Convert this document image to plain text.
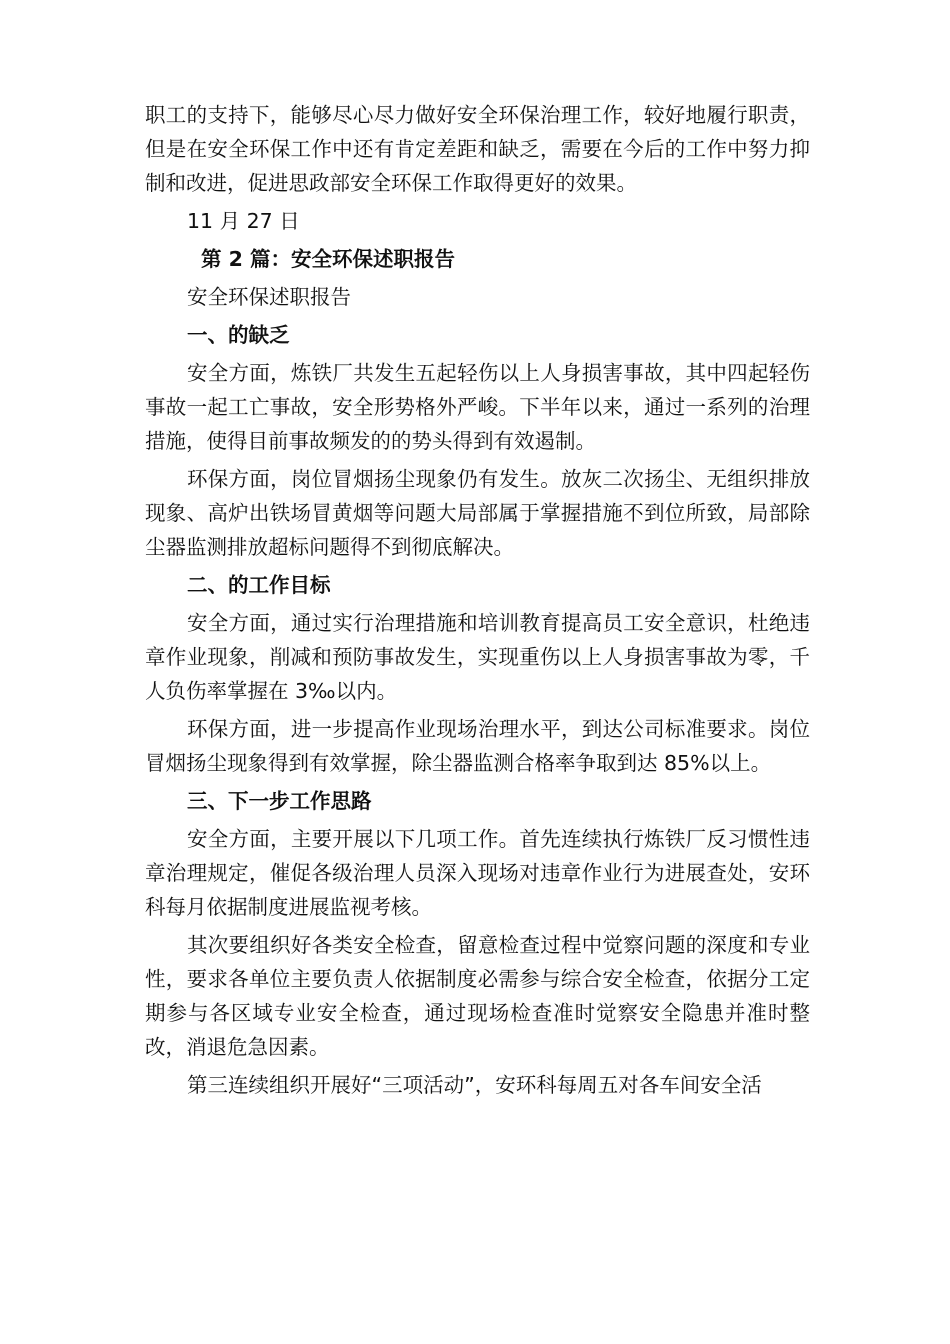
职工的支持下，能够尽心尽力做好安全环保治理工作，较好地履行职责，但是在安全环保工作中还有肯定差距和缺乏，需要在今后的工作中努力抑制和改进，促进思政部安全环保工作取得更好的效果。

11 月 27 日

第 2 篇：安全环保述职报告

安全环保述职报告

一、的缺乏

安全方面，炼铁厂共发生五起轻伤以上人身损害事故，其中四起轻伤事故一起工亡事故，安全形势格外严峻。下半年以来，通过一系列的治理措施，使得目前事故频发的的势头得到有效遏制。

环保方面，岗位冒烟扬尘现象仍有发生。放灰二次扬尘、无组织排放现象、高炉出铁场冒黄烟等问题大局部属于掌握措施不到位所致，局部除尘器监测排放超标问题得不到彻底解决。

二、的工作目标

安全方面，通过实行治理措施和培训教育提高员工安全意识，杜绝违章作业现象，削减和预防事故发生，实现重伤以上人身损害事故为零，千人负伤率掌握在 3‰以内。

环保方面，进一步提高作业现场治理水平，到达公司标准要求。岗位冒烟扬尘现象得到有效掌握，除尘器监测合格率争取到达 85%以上。

三、下一步工作思路

安全方面，主要开展以下几项工作。首先连续执行炼铁厂反习惯性违章治理规定，催促各级治理人员深入现场对违章作业行为进展查处，安环科每月依据制度进展监视考核。

其次要组织好各类安全检查，留意检查过程中觉察问题的深度和专业性，要求各单位主要负责人依据制度必需参与综合安全检查，依据分工定期参与各区域专业安全检查，通过现场检查准时觉察安全隐患并准时整改，消退危急因素。

第三连续组织开展好“三项活动”，安环科每周五对各车间安全活
